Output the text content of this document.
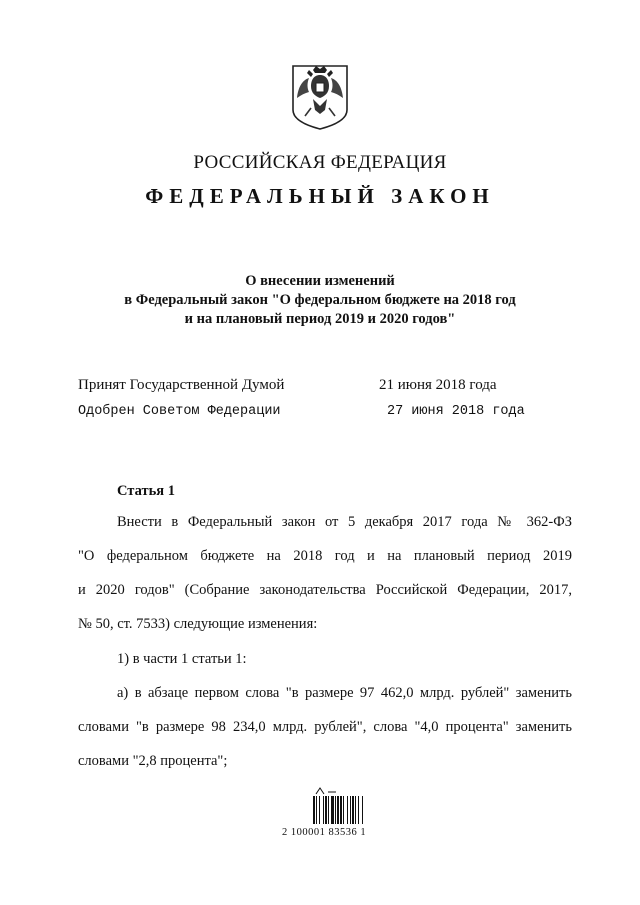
РОССИЙСКАЯ ФЕДЕРАЦИЯ
ФЕДЕРАЛЬНЫЙ ЗАКОН
О внесении изменений
в Федеральный закон "О федеральном бюджете на 2018 год
и на плановый период 2019 и 2020 годов"
Принят Государственной Думой	21 июня 2018 года
Одобрен Советом Федерации	27 июня 2018 года
Статья 1
Внести в Федеральный закон от 5 декабря 2017 года № 362-ФЗ
"О федеральном бюджете на 2018 год и на плановый период 2019
и 2020 годов" (Собрание законодательства Российской Федерации, 2017,
№ 50, ст. 7533) следующие изменения:
1) в части 1 статьи 1:
а) в абзаце первом слова "в размере 97 462,0 млрд. рублей" заменить
словами "в размере 98 234,0 млрд. рублей", слова "4,0 процента" заменить
словами "2,8 процента";
2 100001 83536 1
